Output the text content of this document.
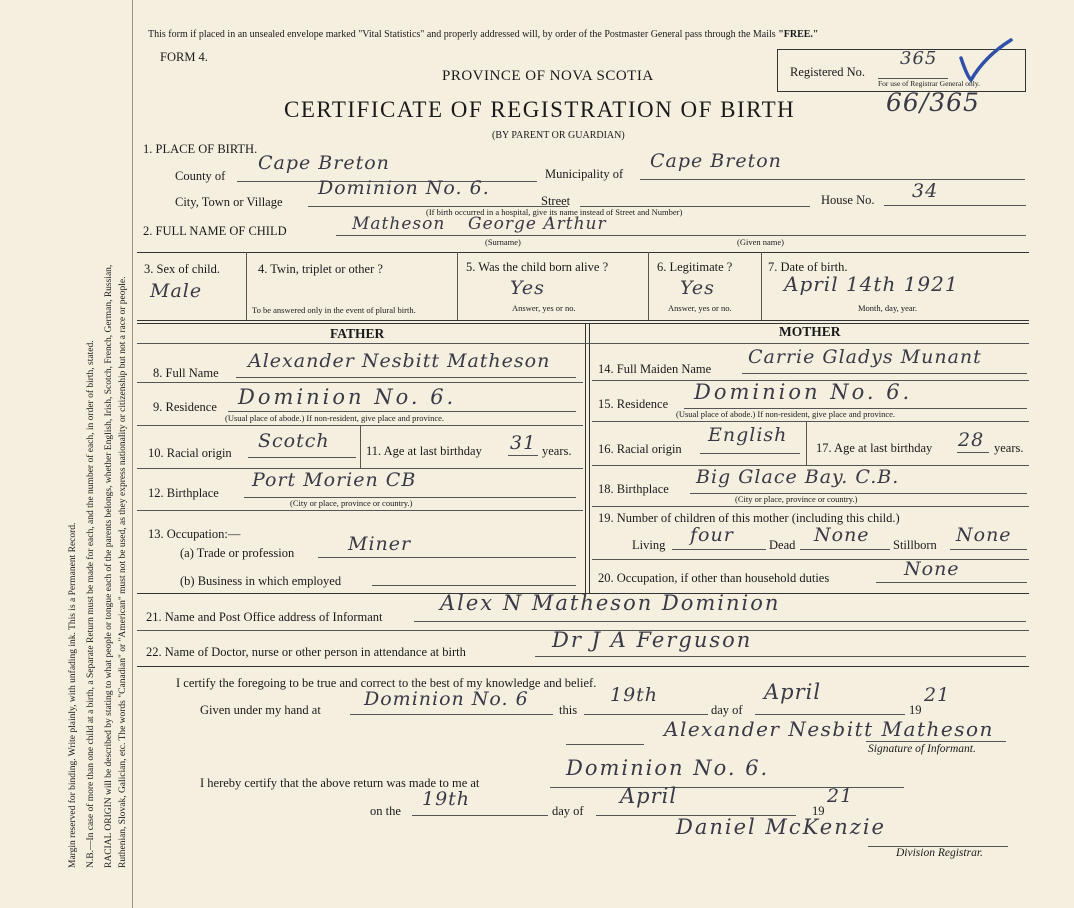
Margin reserved for binding. Write plainly, with unfading ink. This is a Permanent Record. N.B.—In case of more than one child at a birth, a Separate Return must be made for each, and the number of each, in order of birth, stated. RACIAL ORIGIN will be described by stating to what people or tongue each of the parents belongs, whether English, Irish, Scotch, French, German, Russian, Ruthenian, Slovak, Galician, etc. The words "Canadian" or "American" must not be used, as they express nationality or citizenship but not a race or people.
This form if placed in an unsealed envelope marked "Vital Statistics" and properly addressed will, by order of the Postmaster General pass through the Mails "FREE."
FORM 4.
PROVINCE OF NOVA SCOTIA	Registered No.
365
For use of Registrar General only.
CERTIFICATE OF REGISTRATION OF BIRTH	66/365
(BY PARENT OR GUARDIAN)
1. PLACE OF BIRTH.
County of
Cape Breton	Municipality of
Cape Breton
City, Town or Village
Dominion No. 6.
Street
(If birth occurred in a hospital, give its name instead of Street and Number)
House No. 34
2. FULL NAME OF CHILD	Matheson George Arthur
(Surname)	(Given name)
3. Sex of child.
Male
4. Twin, triplet or other ?
To be answered only in the event of plural birth.
5. Was the child born alive ?
Yes
Answer, yes or no.
6. Legitimate ?
Yes
Answer, yes or no.
7. Date of birth.
April 14th 1921
Month, day, year.
FATHER	MOTHER
8. Full Name
Alexander Nesbitt Matheson
9. Residence Dominion No. 6.
(Usual place of abode.) If non-resident, give place and province.
10. Racial origin
Scotch	11. Age at last birthday 31 years.
12. Birthplace
Port Morien CB
(City or place, province or country.)
13. Occupation:—
(a) Trade or profession	Miner
(b) Business in which employed
14. Full Maiden Name
Carrie Gladys Munant
15. Residence Dominion No. 6.
(Usual place of abode.) If non-resident, give place and province.
16. Racial origin
English
17. Age at last birthday 28 years.
18. Birthplace
Big Glace Bay. C.B.
(City or place, province or country.)
19. Number of children of this mother (including this child.)
Living four	Dead None Stillborn None
20. Occupation, if other than household duties	None
21. Name and Post Office address of Informant
Alex N Matheson Dominion
22. Name of Doctor, nurse or other person in attendance at birth	Dr J A Ferguson
I certify the foregoing to be true and correct to the best of my knowledge and belief.
Given under my hand at Dominion No. 6 this
19th
day of
April
19
21
Alexander Nesbitt Matheson
Signature of Informant.
I hereby certify that the above return was made to me at
Dominion No. 6.
on the
19th
day of
April
19
21
Daniel McKenzie
Division Registrar.
